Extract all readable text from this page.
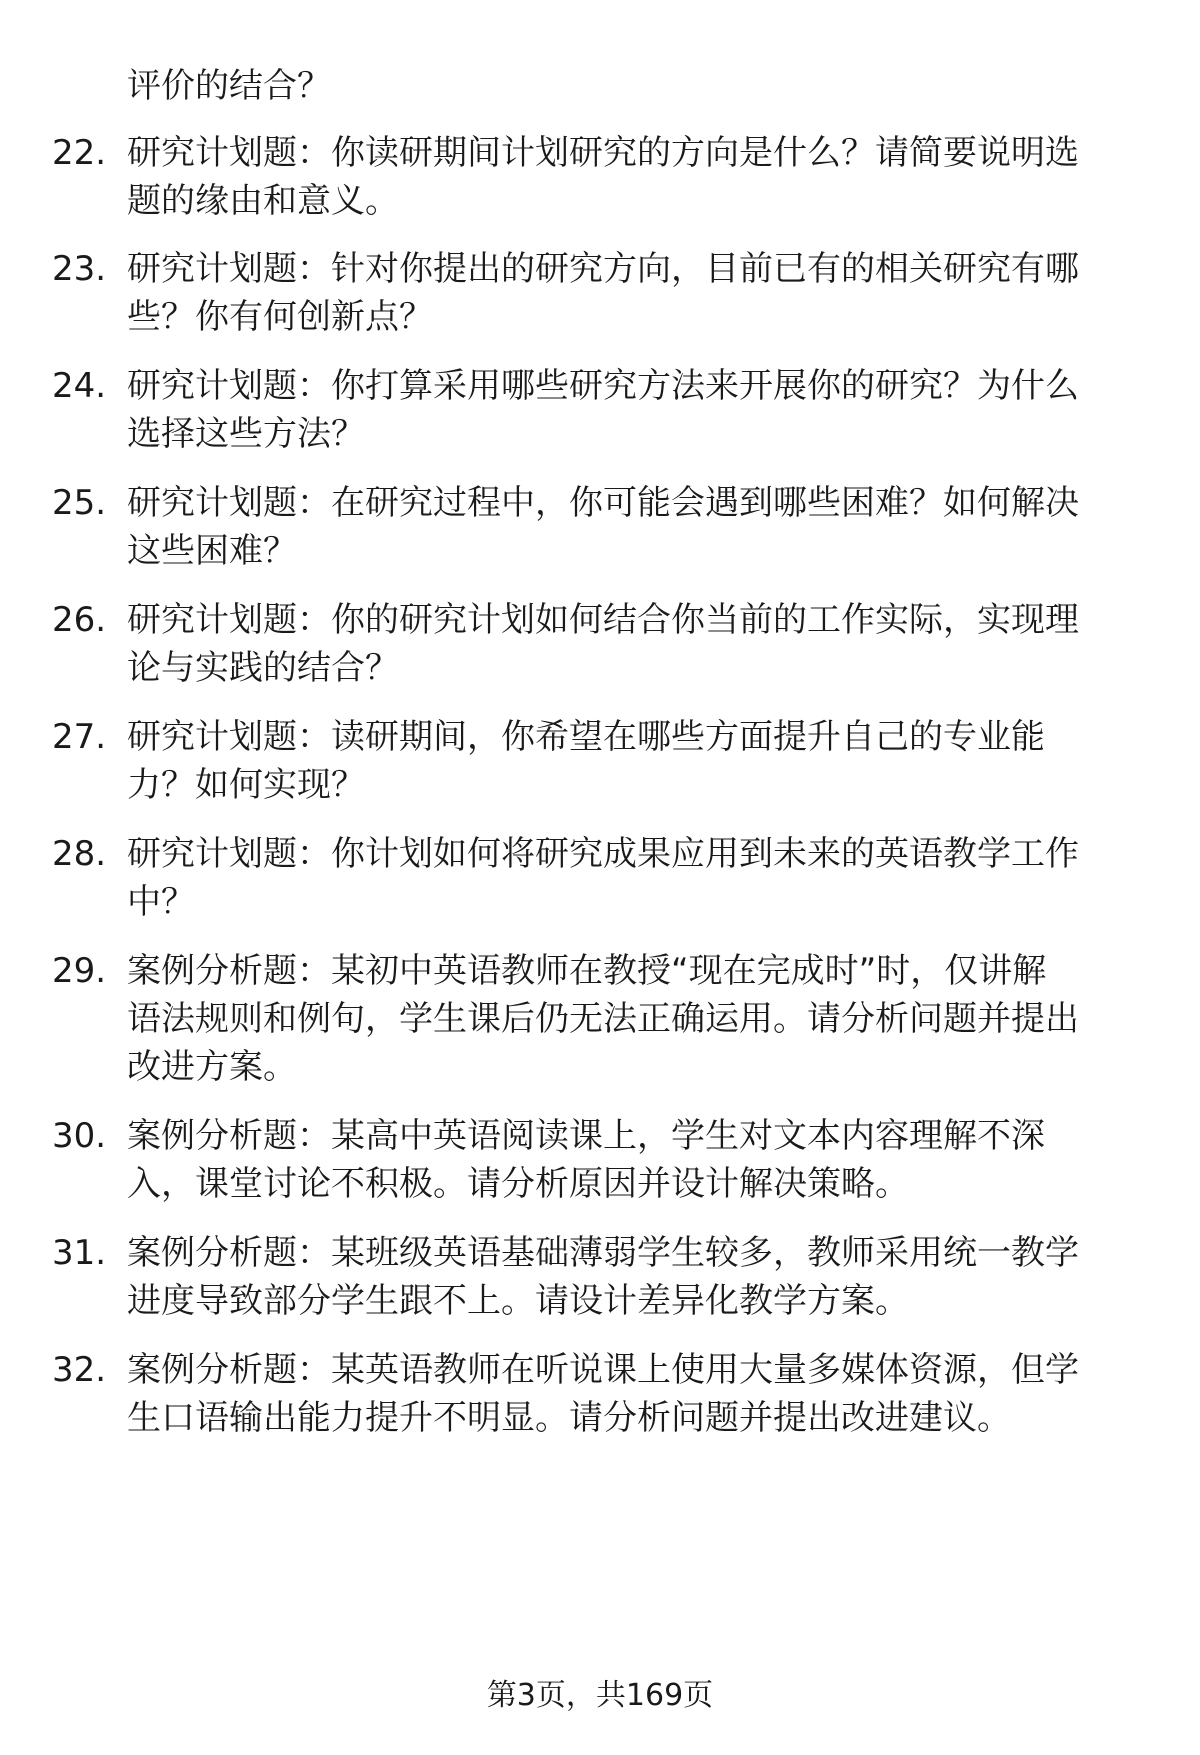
评价的结合？
22. 研究计划题：你读研期间计划研究的方向是什么？请简要说明选
题的缘由和意义。
23. 研究计划题：针对你提出的研究方向，目前已有的相关研究有哪
些？你有何创新点？
24. 研究计划题：你打算采用哪些研究方法来开展你的研究？为什么
选择这些方法？
25. 研究计划题：在研究过程中，你可能会遇到哪些困难？如何解决
这些困难？
26. 研究计划题：你的研究计划如何结合你当前的工作实际，实现理
论与实践的结合？
27. 研究计划题：读研期间，你希望在哪些方面提升自己的专业能
力？如何实现？
28. 研究计划题：你计划如何将研究成果应用到未来的英语教学工作
中？
29. 案例分析题：某初中英语教师在教授“现在完成时”时，仅讲解
语法规则和例句，学生课后仍无法正确运用。请分析问题并提出
改进方案。
30. 案例分析题：某高中英语阅读课上，学生对文本内容理解不深
入，课堂讨论不积极。请分析原因并设计解决策略。
31. 案例分析题：某班级英语基础薄弱学生较多，教师采用统一教学
进度导致部分学生跟不上。请设计差异化教学方案。
32. 案例分析题：某英语教师在听说课上使用大量多媒体资源，但学
生口语输出能力提升不明显。请分析问题并提出改进建议。
第3页，共169页
